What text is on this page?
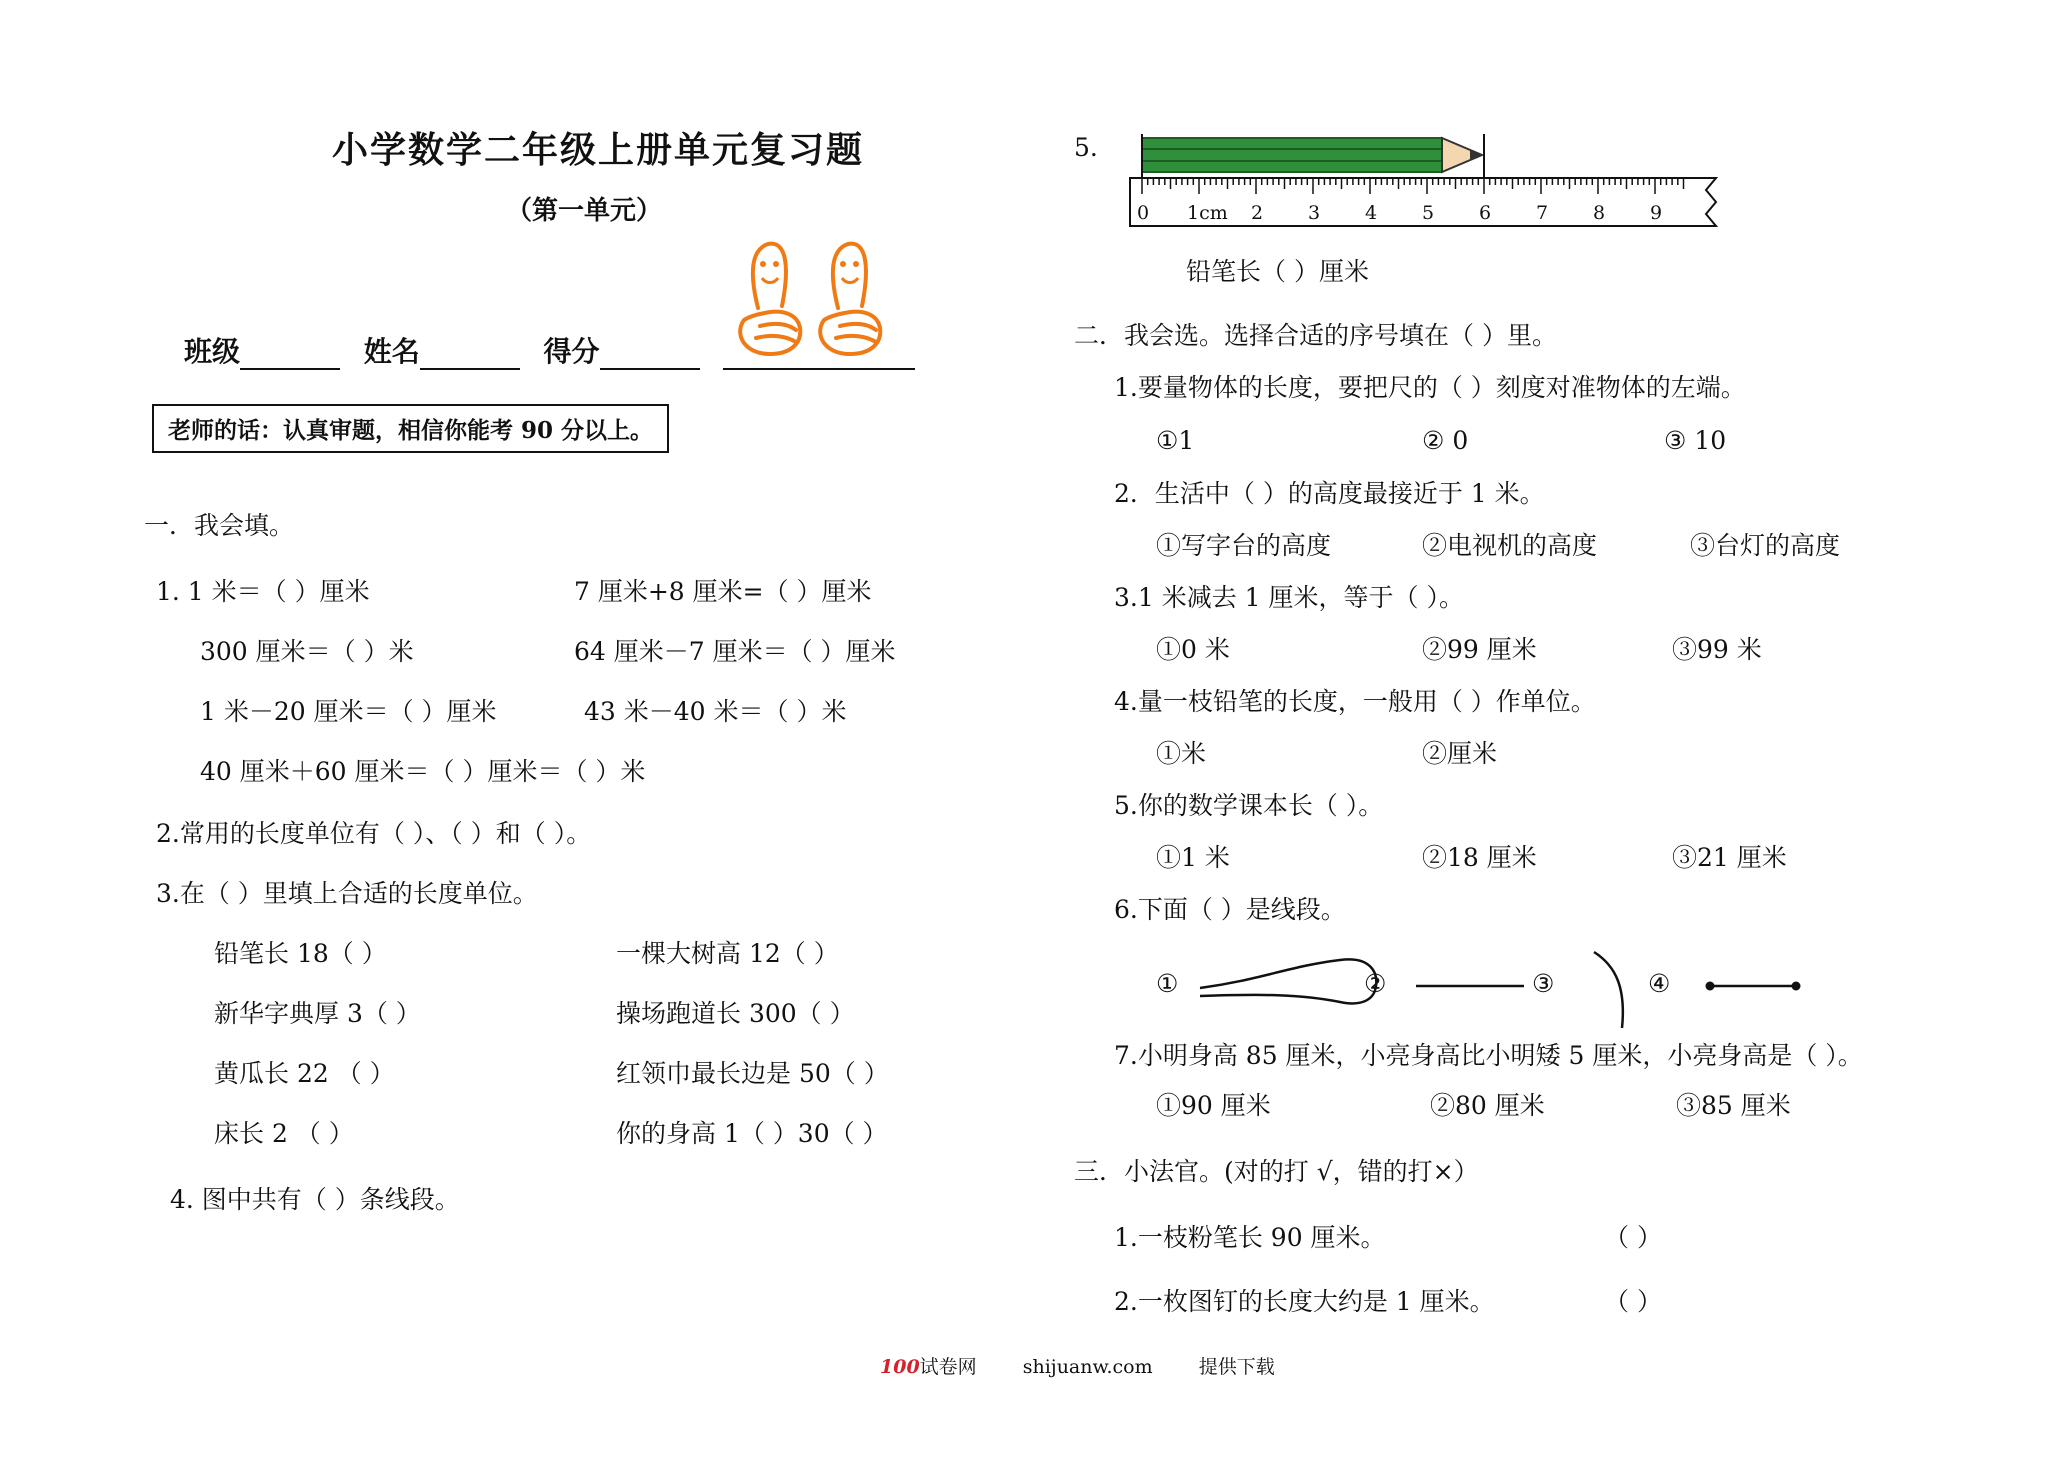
小学数学二年级上册单元复习题
（第一单元）
班级	姓名	得分
老师的话：认真审题，相信你能考 90 分以上。
一．我会填。
1. 1 米＝（ ）厘米	7 厘米+8 厘米=（ ）厘米
300 厘米＝（ ）米	64 厘米－7 厘米＝（ ）厘米
1 米－20 厘米＝（ ）厘米	43 米－40 米＝（ ）米
40 厘米＋60 厘米＝（ ）厘米＝（ ）米
2.常用的长度单位有（ ）、（ ）和（ ）。
3.在（ ）里填上合适的长度单位。
铅笔长 18（ ）	一棵大树高 12（ ）
新华字典厚 3（ ）	操场跑道长 300（ ）
黄瓜长 22 （ ）	红领巾最长边是 50（ ）
床长 2 （ ）	你的身高 1（ ）30（ ）
4. 图中共有（ ）条线段。
5.
0 1cm 2 3 4 5 6 7 8 9
铅笔长（ ）厘米
二．我会选。选择合适的序号填在（ ）里。
1.要量物体的长度，要把尺的（ ）刻度对准物体的左端。
①1	② 0	③ 10
2．生活中（ ）的高度最接近于 1 米。
①写字台的高度	②电视机的高度	③台灯的高度
3.1 米减去 1 厘米，等于（ ）。
①0 米	②99 厘米	③99 米
4.量一枝铅笔的长度，一般用（ ）作单位。
①米	②厘米
5.你的数学课本长（ ）。
①1 米	②18 厘米	③21 厘米
6.下面（ ）是线段。
①	②	③	④
7.小明身高 85 厘米，小亮身高比小明矮 5 厘米，小亮身高是（ ）。
①90 厘米	②80 厘米	③85 厘米
三．小法官。(对的打 √，错的打×）
1.一枝粉笔长 90 厘米。	（ ）
2.一枚图钉的长度大约是 1 厘米。	（ ）
100试卷网 shijuanw.com 提供下载
